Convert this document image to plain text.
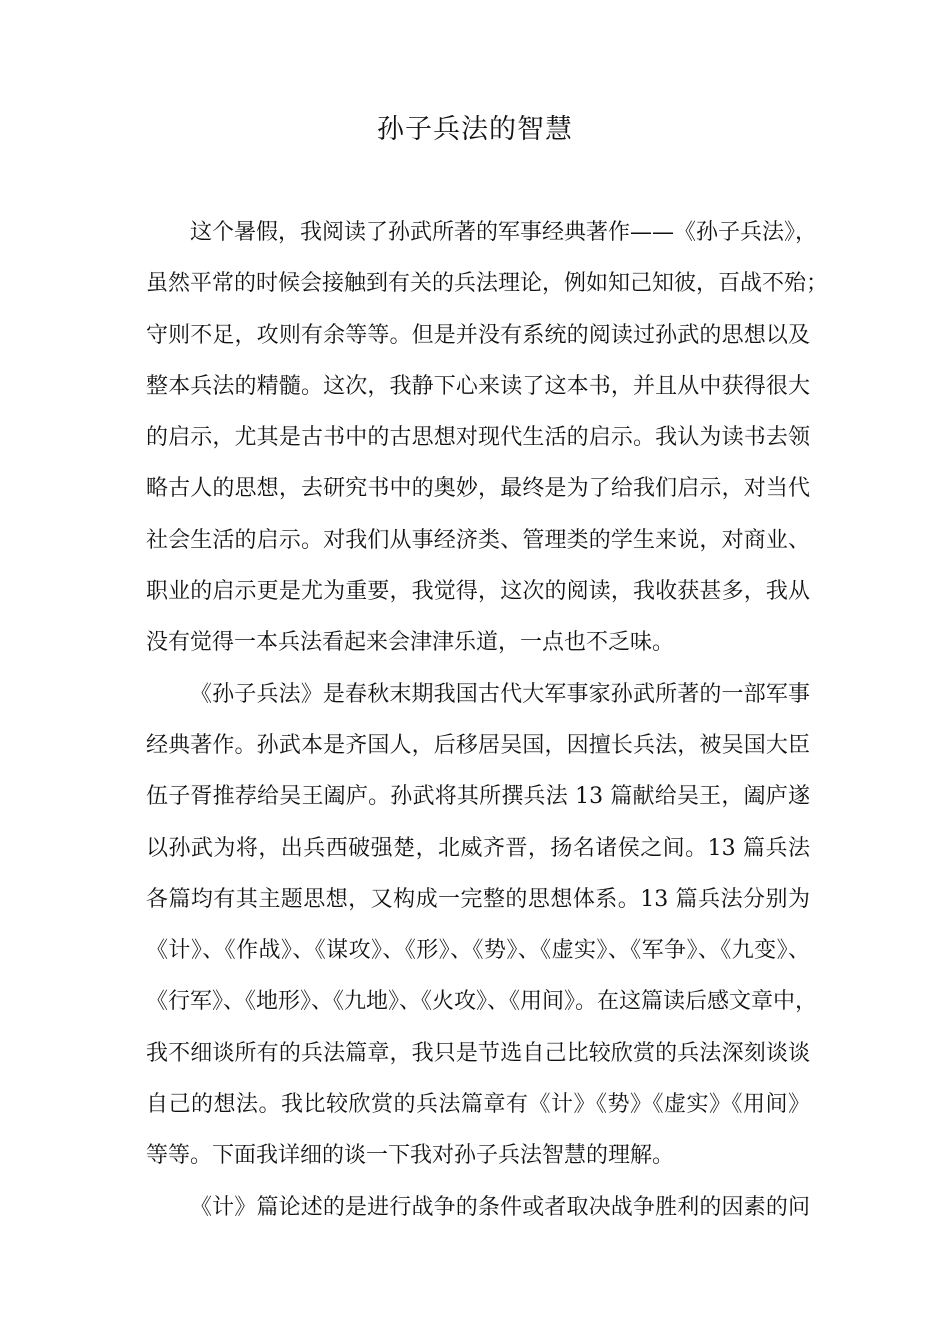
孙子兵法的智慧
这个暑假，我阅读了孙武所著的军事经典著作——《孙子兵法》，
虽然平常的时候会接触到有关的兵法理论，例如知己知彼，百战不殆；
守则不足，攻则有余等等。但是并没有系统的阅读过孙武的思想以及
整本兵法的精髓。这次，我静下心来读了这本书，并且从中获得很大
的启示，尤其是古书中的古思想对现代生活的启示。我认为读书去领
略古人的思想，去研究书中的奥妙，最终是为了给我们启示，对当代
社会生活的启示。对我们从事经济类、管理类的学生来说，对商业、
职业的启示更是尤为重要，我觉得，这次的阅读，我收获甚多，我从
没有觉得一本兵法看起来会津津乐道，一点也不乏味。
《孙子兵法》是春秋末期我国古代大军事家孙武所著的一部军事
经典著作。孙武本是齐国人，后移居吴国，因擅长兵法，被吴国大臣
伍子胥推荐给吴王阖庐。孙武将其所撰兵法 13 篇献给吴王，阖庐遂
以孙武为将，出兵西破强楚，北威齐晋，扬名诸侯之间。13 篇兵法
各篇均有其主题思想，又构成一完整的思想体系。13 篇兵法分别为
《计》、《作战》、《谋攻》、《形》、《势》、《虚实》、《军争》、《九变》、
《行军》、《地形》、《九地》、《火攻》、《用间》。在这篇读后感文章中，
我不细谈所有的兵法篇章，我只是节选自己比较欣赏的兵法深刻谈谈
自己的想法。我比较欣赏的兵法篇章有《计》《势》《虚实》《用间》
等等。下面我详细的谈一下我对孙子兵法智慧的理解。
《计》篇论述的是进行战争的条件或者取决战争胜利的因素的问
